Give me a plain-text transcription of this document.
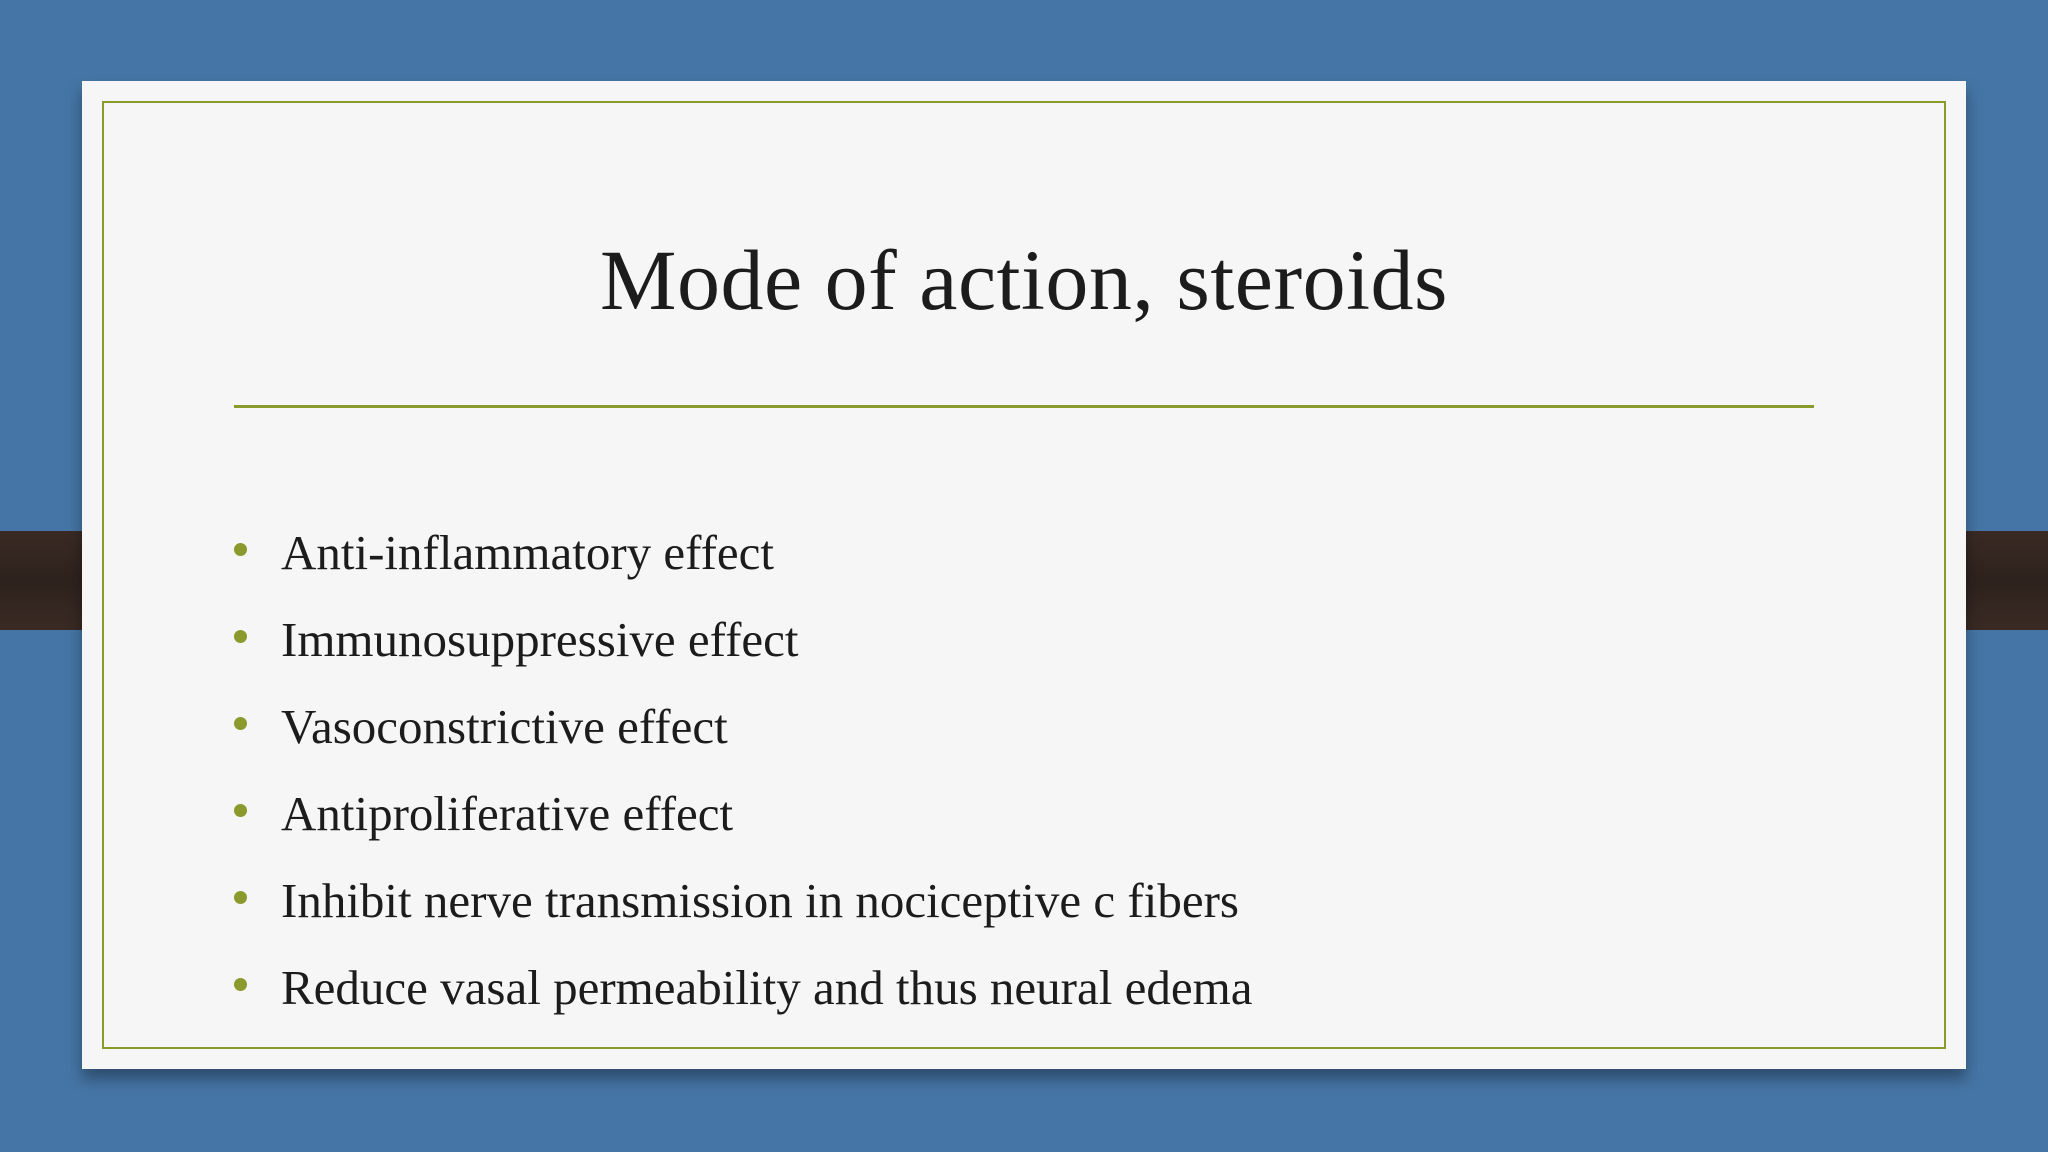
Mode of action, steroids
Anti-inflammatory effect
Immunosuppressive effect
Vasoconstrictive effect
Antiproliferative effect
Inhibit nerve transmission in nociceptive c fibers
Reduce vasal permeability and thus neural edema
